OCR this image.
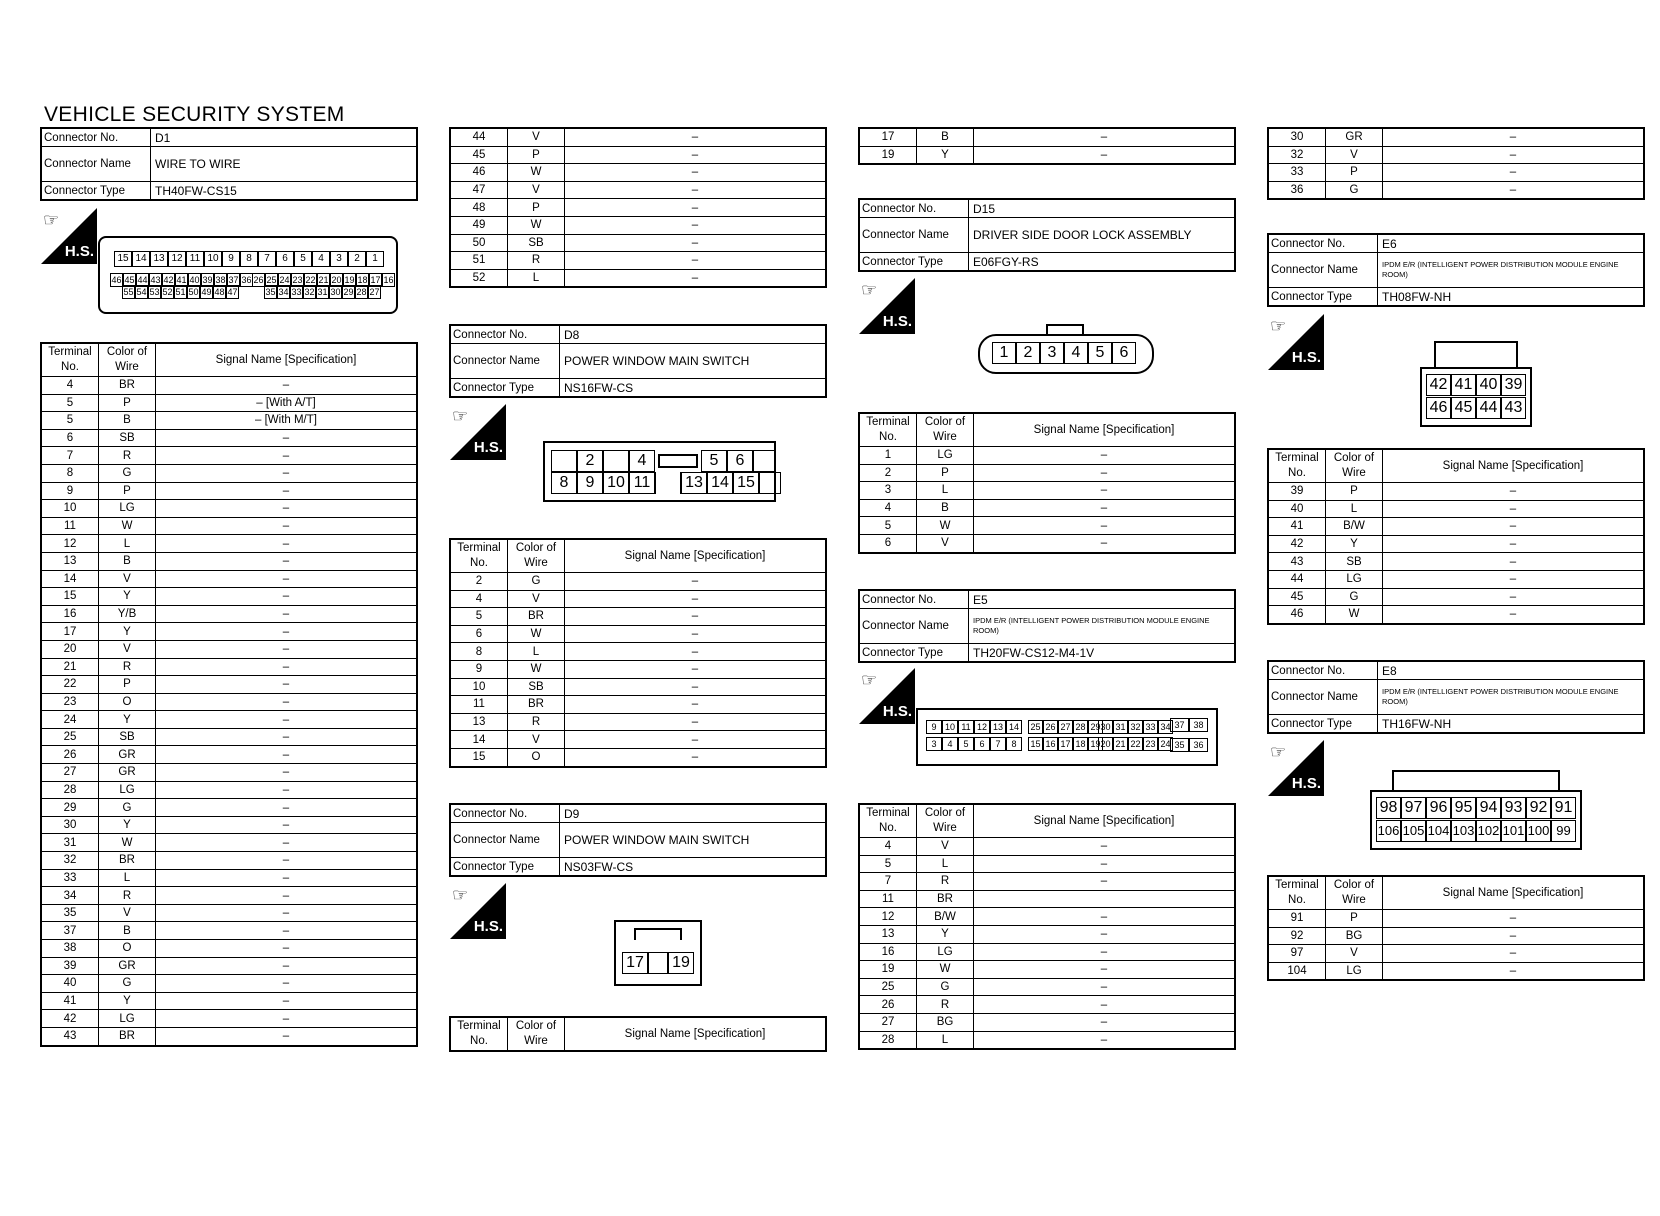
VEHICLE SECURITY SYSTEM
Connector No.	D1
Connector Name	WIRE TO WIRE
Connector Type	TH40FW-CS15
☞
H.S.	15 14 13 12 11 10 9	8	7	6	5	4	3	2	1
46 45 44 43 42 41 40 39 38 37 36 26 25 24 23 22 21 20 19 18 17 16
55 54 53 52 51 50 49 48 47	35 34 33 32 31 30 29 28 27
Terminal No.	Color of Wire	Signal Name [Specification]
4	BR	–
5	P	– [With A/T]
5	B	– [With M/T]
6	SB	–
7	R	–
8	G	–
9	P	–
10	LG	–
11	W	–
12	L	–
13	B	–
14	V	–
15	Y	–
16	Y/B	–
17	Y	–
20	V	–
21	R	–
22	P	–
23	O	–
24	Y	–
25	SB	–
26	GR	–
27	GR	–
28	LG	–
29	G	–
30	Y	–
31	W	–
32	BR	–
33	L	–
34	R	–
35	V	–
37	B	–
38	O	–
39	GR	–
40	G	–
41	Y	–
42	LG	–
43	BR	–
44	V	–
45	P	–
46	W	–
47	V	–
48	P	–
49	W	–
50	SB	–
51	R	–
52	L	–
Connector No.	D8
Connector Name	POWER WINDOW MAIN SWITCH
Connector Type	NS16FW-CS
☞
H.S.

2
	4	5	6

8	9 10 11
13 14 15

Terminal No.	Color of Wire	Signal Name [Specification]
2	G	–
4	V	–
5	BR	–
6	W	–
8	L	–
9	W	–
10	SB	–
11	BR	–
13	R	–
14	V	–
15	O	–
Connector No.	D9
Connector Name	POWER WINDOW MAIN SWITCH
Connector Type	NS03FW-CS
☞
H.S.
17
19
Terminal No.	Color of Wire	Signal Name [Specification]
17	B	–
19	Y	–
Connector No.	D15
Connector Name	DRIVER SIDE DOOR LOCK ASSEMBLY
Connector Type	E06FGY-RS
☞
H.S.
1 2 3 4 5 6
Terminal No.	Color of Wire	Signal Name [Specification]
1	LG	–
2	P	–
3	L	–
4	B	–
5	W	–
6	V	–
Connector No.	E5
Connector Name	IPDM E/R (INTELLIGENT POWER DISTRIBUTION MODULE ENGINE ROOM)
Connector Type	TH20FW-CS12-M4-1V
☞
H.S.
9 10 11 12 13 14
3	4	5	6	7	8
25 26 27 28 29
15 16 17 18 19
30 31 32 33 34
20 21 22 23 24
37 38
35 36
Terminal No.	Color of Wire	Signal Name [Specification]
4	V	–
5	L	–
7	R	–
11	BR	
12	B/W	–
13	Y	–
16	LG	–
19	W	–
25	G	–
26	R	–
27	BG	–
28	L	–
30	GR	–
32	V	–
33	P	–
36	G	–
Connector No.	E6
Connector Name	IPDM E/R (INTELLIGENT POWER DISTRIBUTION MODULE ENGINE ROOM)
Connector Type	TH08FW-NH
☞
H.S.
42 41 40 39
46 45 44 43
Terminal No.	Color of Wire	Signal Name [Specification]
39	P	–
40	L	–
41	B/W	–
42	Y	–
43	SB	–
44	LG	–
45	G	–
46	W	–
Connector No.	E8
Connector Name	IPDM E/R (INTELLIGENT POWER DISTRIBUTION MODULE ENGINE ROOM)
Connector Type	TH16FW-NH
☞
H.S.
98 97 96 95 94 93 92 91
106 105 104 103 102 101 100 99
Terminal No.	Color of Wire	Signal Name [Specification]
91	P	–
92	BG	–
97	V	–
104	LG	–
